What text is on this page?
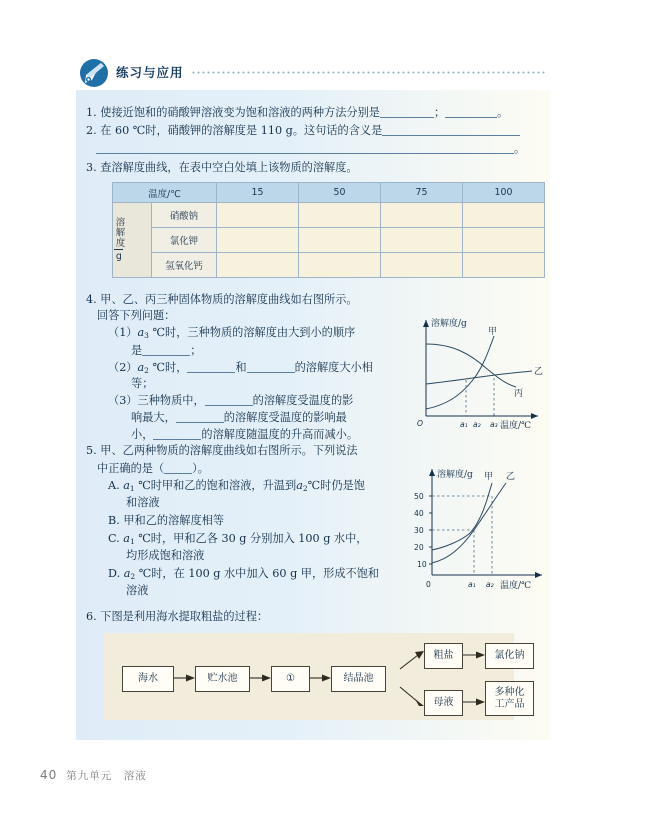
练习与应用
1. 使接近饱和的硝酸钾溶液变为饱和溶液的两种方法分别是	；	。
2. 在 60 ℃时，硝酸钾的溶解度是 110 g。这句话的含义是
。
3. 查溶解度曲线，在表中空白处填上该物质的溶解度。
温度/℃		15	50	75	100

溶解度g	硝酸钠				
	氯化钾				
	氢氧化钙				
4. 甲、乙、丙三种固体物质的溶解度曲线如右图所示。
回答下列问题：
$(1)a_3$ ℃时，三种物质的溶解度由大到小的顺序
是	；
$(2)a_2$ ℃时，	和	的溶解度大小相
等；
（3）三种物质中，	的溶解度受温度的影
响最大，	的溶解度受温度的影响最
小，	的溶解度随温度的升高而减小。
溶解度/g
温度/℃
O
丙
乙
甲
a₁ a₂ a₃
5. 甲、乙两种物质的溶解度曲线如右图所示。下列说法
中正确的是（	）。
A. $a_1$ ℃时甲和乙的饱和溶液，升温到$a_2℃$时仍是饱
和溶液
B. 甲和乙的溶解度相等
C. $a_1$ ℃时，甲和乙各 30 g 分别加入 100 g 水中，
均形成饱和溶液
D. $a_2$ ℃时，在 100 g 水中加入 60 g 甲，形成不饱和
溶液
溶解度/g
温度/℃
0
50
40
30
20
10
甲 乙
a₁ a₂
6. 下图是利用海水提取粗盐的过程：
海水	贮水池	①	结晶池
粗盐	氯化钠
母液
多种化
工产品
40 第九单元　溶液
